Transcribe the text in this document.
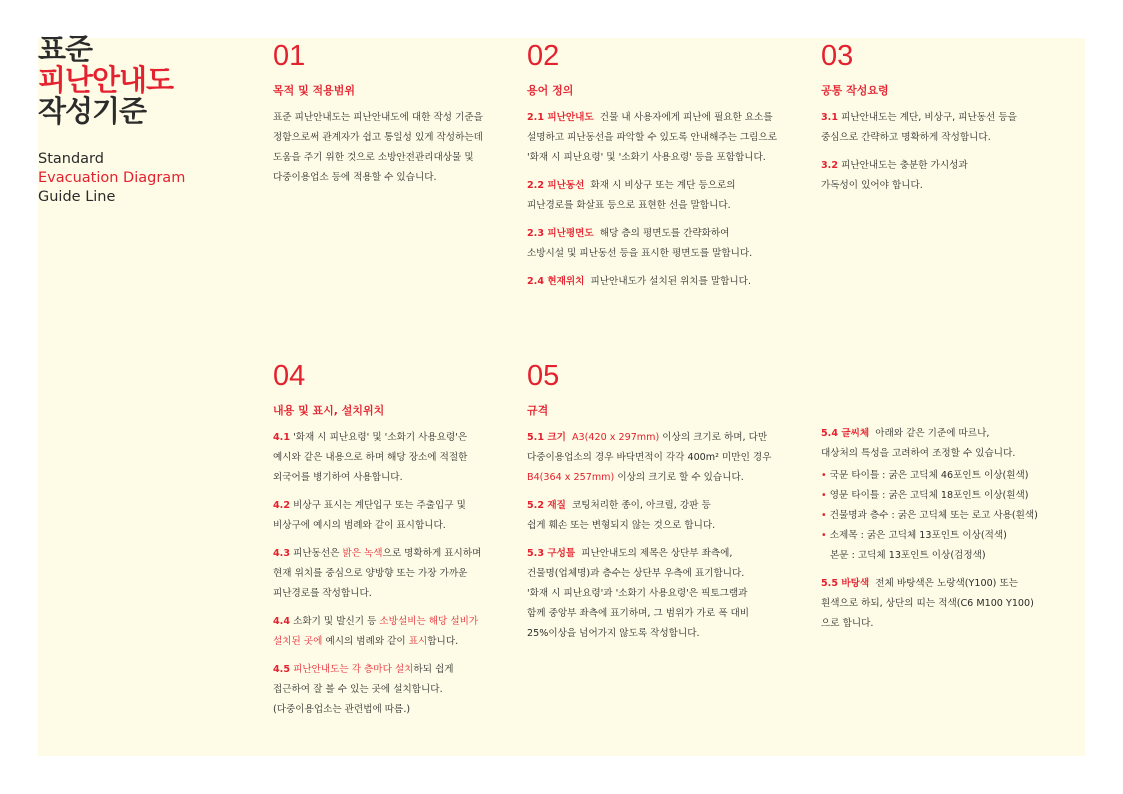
표준
피난안내도
작성기준
Standard
Evacuation Diagram
Guide Line
01
목적 및 적용범위
표준 피난안내도는 피난안내도에 대한 작성 기준을
정함으로써 관계자가 쉽고 통일성 있게 작성하는데
도움을 주기 위한 것으로 소방안전관리대상물 및
다중이용업소 등에 적용할 수 있습니다.
02
용어 정의
2.1 피난안내도 건물 내 사용자에게 피난에 필요한 요소를
설명하고 피난동선을 파악할 수 있도록 안내해주는 그림으로
'화재 시 피난요령' 및 '소화기 사용요령' 등을 포함합니다.
2.2 피난동선 화재 시 비상구 또는 계단 등으로의
피난경로를 화살표 등으로 표현한 선을 말합니다.
2.3 피난평면도 해당 층의 평면도를 간략화하여
소방시설 및 피난동선 등을 표시한 평면도를 말합니다.
2.4 현재위치 피난안내도가 설치된 위치를 말합니다.
03
공통 작성요령
3.1 피난안내도는 계단, 비상구, 피난동선 등을
중심으로 간략하고 명확하게 작성합니다.
3.2 피난안내도는 충분한 가시성과
가독성이 있어야 합니다.
04
내용 및 표시, 설치위치
4.1 '화재 시 피난요령' 및 '소화기 사용요령'은
예시와 같은 내용으로 하며 해당 장소에 적절한
외국어를 병기하여 사용합니다.
4.2 비상구 표시는 계단입구 또는 주출입구 및
비상구에 예시의 범례와 같이 표시합니다.
4.3 피난동선은 밝은 녹색으로 명확하게 표시하며
현재 위치를 중심으로 양방향 또는 가장 가까운
피난경로를 작성합니다.
4.4 소화기 및 발신기 등 소방설비는 해당 설비가
설치된 곳에 예시의 범례와 같이 표시합니다.
4.5 피난안내도는 각 층마다 설치하되 쉽게
접근하여 잘 볼 수 있는 곳에 설치합니다.
(다중이용업소는 관련법에 따름.)
05
규격
5.1 크기 A3(420 x 297mm) 이상의 크기로 하며, 다만
다중이용업소의 경우 바닥면적이 각각 400m² 미만인 경우
B4(364 x 257mm) 이상의 크기로 할 수 있습니다.
5.2 재질 코팅처리한 종이, 아크릴, 강판 등
쉽게 훼손 또는 변형되지 않는 것으로 합니다.
5.3 구성틀 피난안내도의 제목은 상단부 좌측에,
건물명(업체명)과 층수는 상단부 우측에 표기합니다.
'화재 시 피난요령'과 '소화기 사용요령'은 픽토그램과
함께 중앙부 좌측에 표기하며, 그 범위가 가로 폭 대비
25%이상을 넘어가지 않도록 작성합니다.
5.4 글씨체 아래와 같은 기준에 따르나,
대상처의 특성을 고려하여 조정할 수 있습니다.
• 국문 타이틀 : 굵은 고딕체 46포인트 이상(흰색)
• 영문 타이틀 : 굵은 고딕체 18포인트 이상(흰색)
• 건물명과 층수 : 굵은 고딕체 또는 로고 사용(흰색)
• 소제목 : 굵은 고딕체 13포인트 이상(적색)
본문 : 고딕체 13포인트 이상(검정색)
5.5 바탕색 전체 바탕색은 노랑색(Y100) 또는
흰색으로 하되, 상단의 띠는 적색(C6 M100 Y100)
으로 합니다.
